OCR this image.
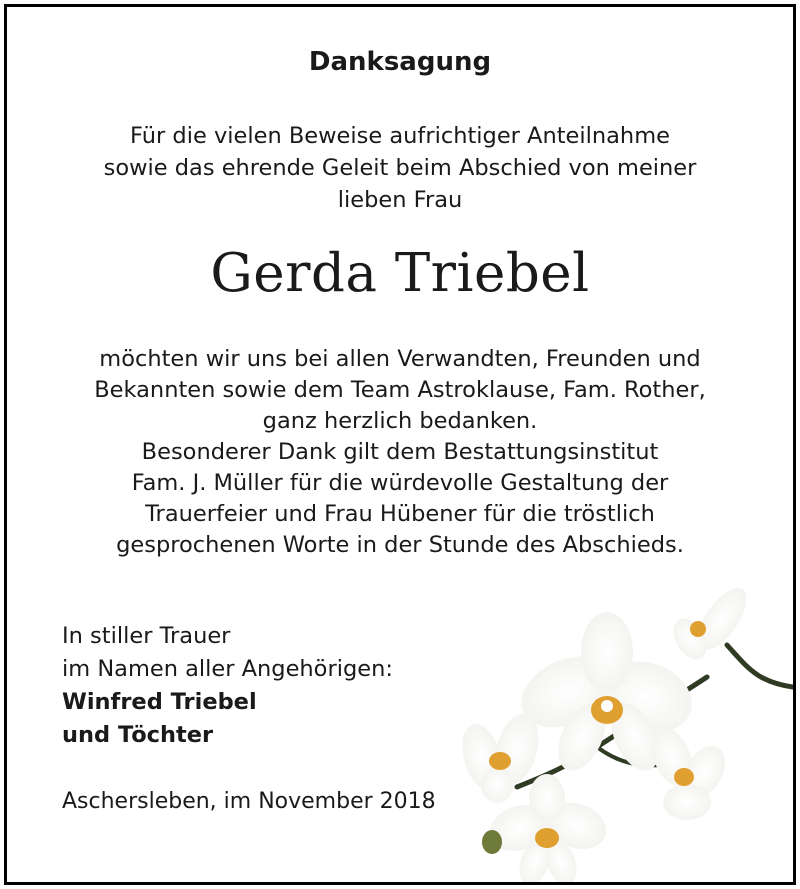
Danksagung
Für die vielen Beweise aufrichtiger Anteilnahme
sowie das ehrende Geleit beim Abschied von meiner
lieben Frau
Gerda Triebel
möchten wir uns bei allen Verwandten, Freunden und
Bekannten sowie dem Team Astroklause, Fam. Rother,
ganz herzlich bedanken.
Besonderer Dank gilt dem Bestattungsinstitut
Fam. J. Müller für die würdevolle Gestaltung der
Trauerfeier und Frau Hübener für die tröstlich
gesprochenen Worte in der Stunde des Abschieds.
In stiller Trauer
im Namen aller Angehörigen:
Winfred Triebel
und Töchter
Aschersleben, im November 2018
